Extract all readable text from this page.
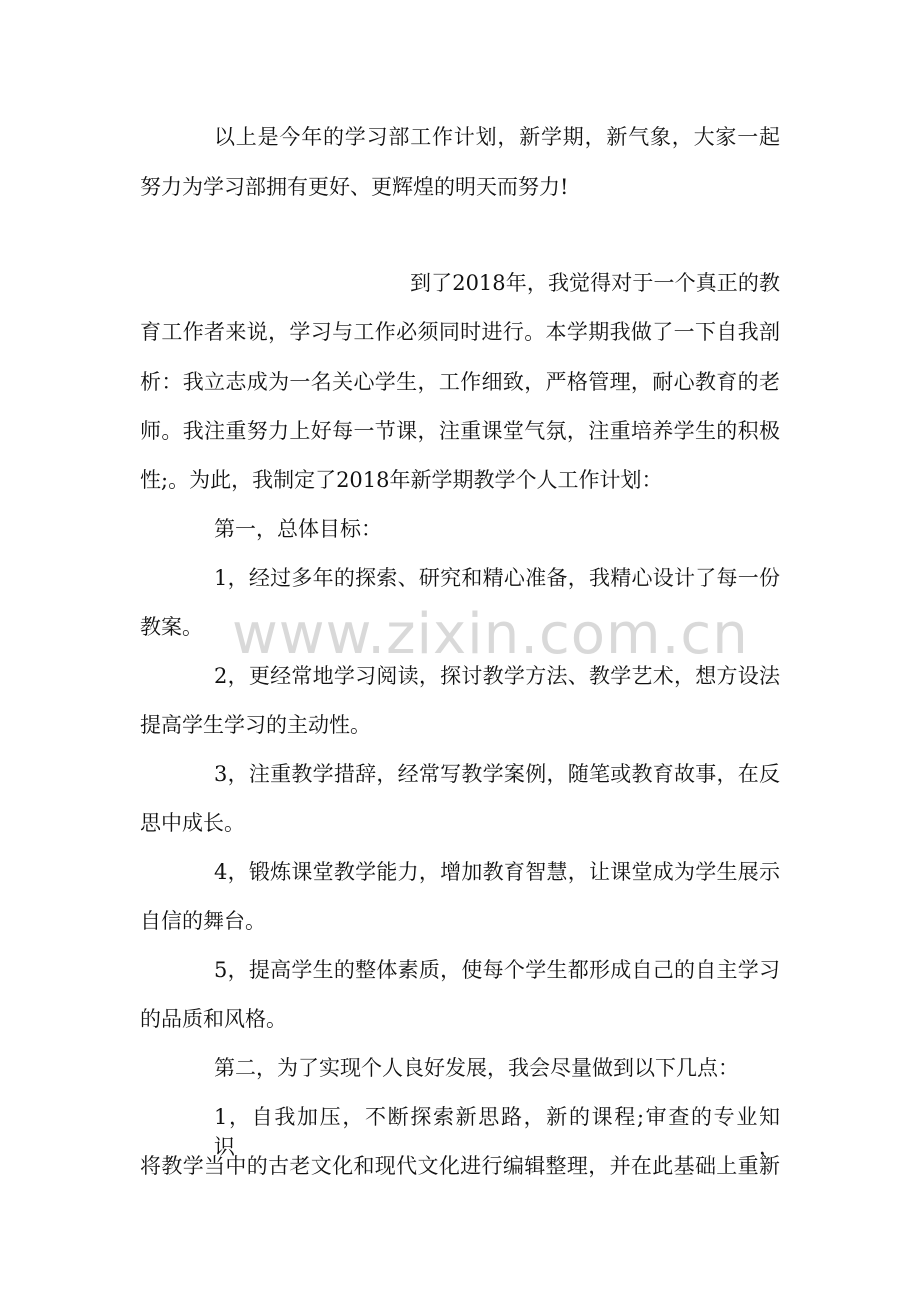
www.zixin.com.cn

以上是今年的学习部工作计划，新学期，新气象，大家一起

努力为学习部拥有更好、更辉煌的明天而努力!

到了2018年，我觉得对于一个真正的教

育工作者来说，学习与工作必须同时进行。本学期我做了一下自我剖

析：我立志成为一名关心学生，工作细致，严格管理，耐心教育的老

师。我注重努力上好每一节课，注重课堂气氛，注重培养学生的积极

性;。为此，我制定了2018年新学期教学个人工作计划：

第一，总体目标：

1，经过多年的探索、研究和精心准备，我精心设计了每一份

教案。

2，更经常地学习阅读，探讨教学方法、教学艺术，想方设法

提高学生学习的主动性。

3，注重教学措辞，经常写教学案例，随笔或教育故事，在反

思中成长。

4，锻炼课堂教学能力，增加教育智慧，让课堂成为学生展示

自信的舞台。

5，提高学生的整体素质，使每个学生都形成自己的自主学习

的品质和风格。

第二，为了实现个人良好发展，我会尽量做到以下几点：

1，自我加压，不断探索新思路，新的课程;审查的专业知识，

将教学当中的古老文化和现代文化进行编辑整理，并在此基础上重新
